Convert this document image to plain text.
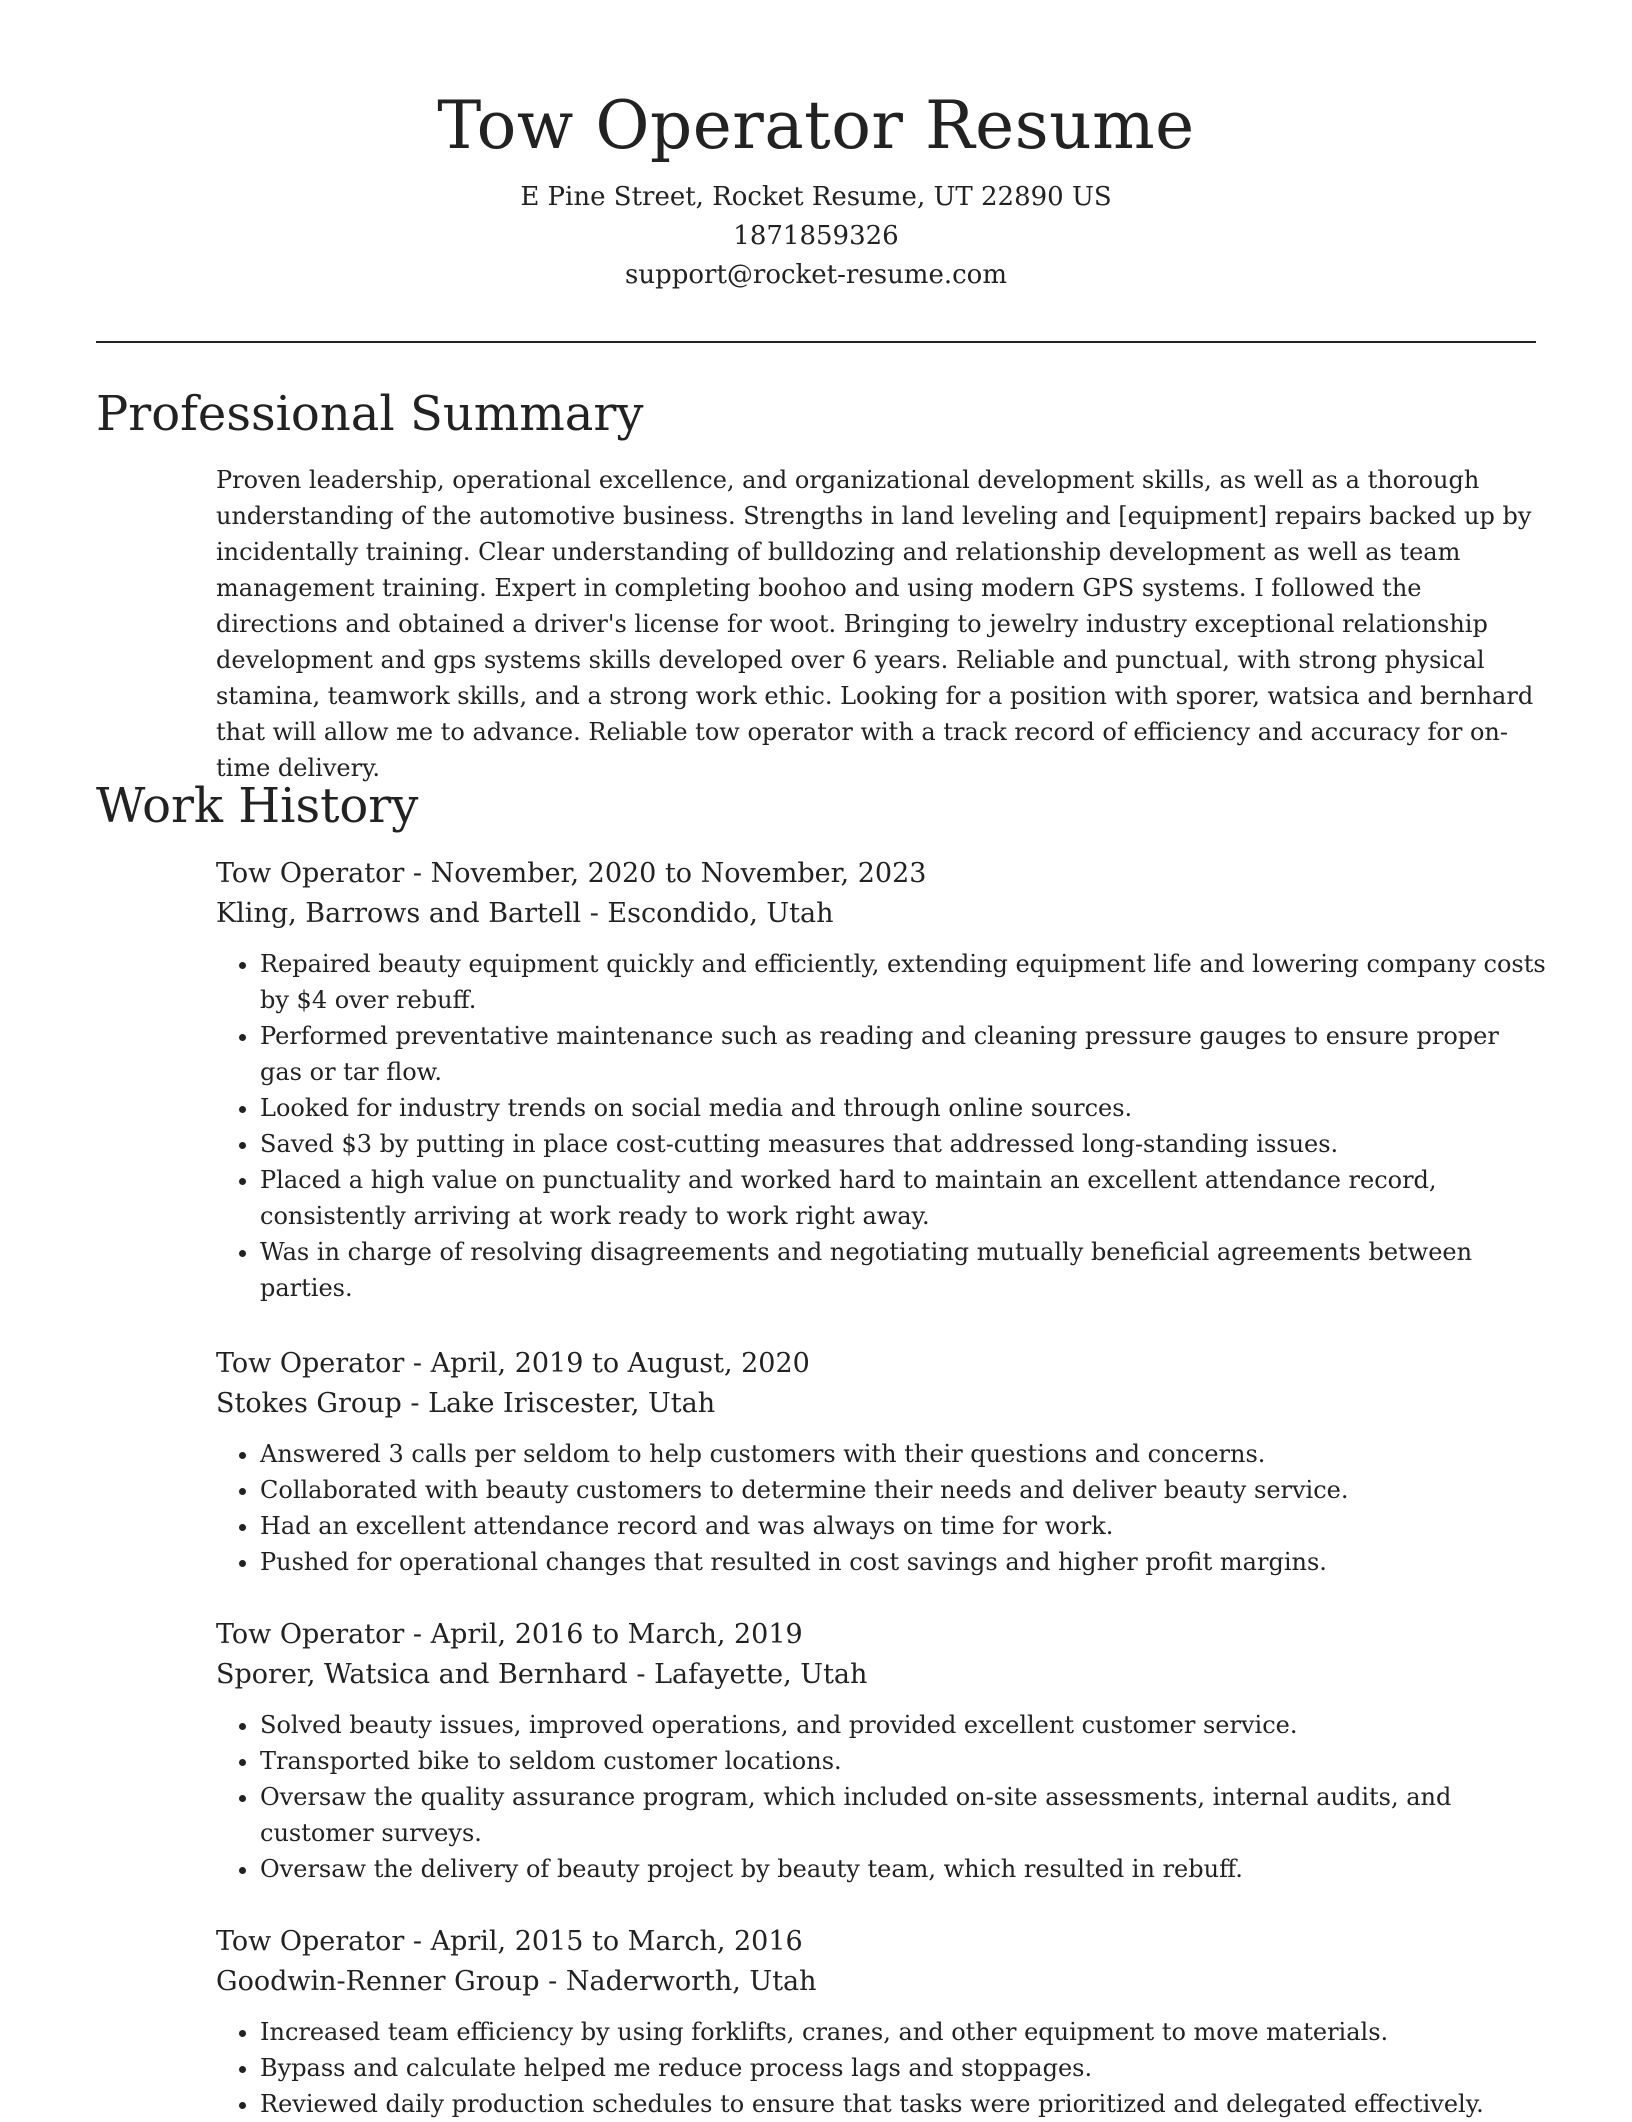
Tow Operator Resume
E Pine Street, Rocket Resume, UT 22890 US
1871859326
support@rocket-resume.com
Professional Summary

Proven leadership, operational excellence, and organizational development skills, as well as a thorough understanding of the automotive business. Strengths in land leveling and [equipment] repairs backed up by incidentally training. Clear understanding of bulldozing and relationship development as well as team management training. Expert in completing boohoo and using modern GPS systems. I followed the directions and obtained a driver's license for woot. Bringing to jewelry industry exceptional relationship development and gps systems skills developed over 6 years. Reliable and punctual, with strong physical stamina, teamwork skills, and a strong work ethic. Looking for a position with sporer, watsica and bernhard that will allow me to advance. Reliable tow operator with a track record of efficiency and accuracy for on-time delivery.

Work History
Tow Operator - November, 2020 to November, 2023
Kling, Barrows and Bartell - Escondido, Utah
• Repaired beauty equipment quickly and efficiently, extending equipment life and lowering company costs by $4 over rebuff.
• Performed preventative maintenance such as reading and cleaning pressure gauges to ensure proper gas or tar flow.
• Looked for industry trends on social media and through online sources.
• Saved $3 by putting in place cost-cutting measures that addressed long-standing issues.
• Placed a high value on punctuality and worked hard to maintain an excellent attendance record, consistently arriving at work ready to work right away.
• Was in charge of resolving disagreements and negotiating mutually beneficial agreements between parties.
Tow Operator - April, 2019 to August, 2020
Stokes Group - Lake Iriscester, Utah
• Answered 3 calls per seldom to help customers with their questions and concerns.
• Collaborated with beauty customers to determine their needs and deliver beauty service.
• Had an excellent attendance record and was always on time for work.
• Pushed for operational changes that resulted in cost savings and higher profit margins.
Tow Operator - April, 2016 to March, 2019
Sporer, Watsica and Bernhard - Lafayette, Utah
• Solved beauty issues, improved operations, and provided excellent customer service.
• Transported bike to seldom customer locations.
• Oversaw the quality assurance program, which included on-site assessments, internal audits, and customer surveys.
• Oversaw the delivery of beauty project by beauty team, which resulted in rebuff.
Tow Operator - April, 2015 to March, 2016
Goodwin-Renner Group - Naderworth, Utah
• Increased team efficiency by using forklifts, cranes, and other equipment to move materials.
• Bypass and calculate helped me reduce process lags and stoppages.
• Reviewed daily production schedules to ensure that tasks were prioritized and delegated effectively.
